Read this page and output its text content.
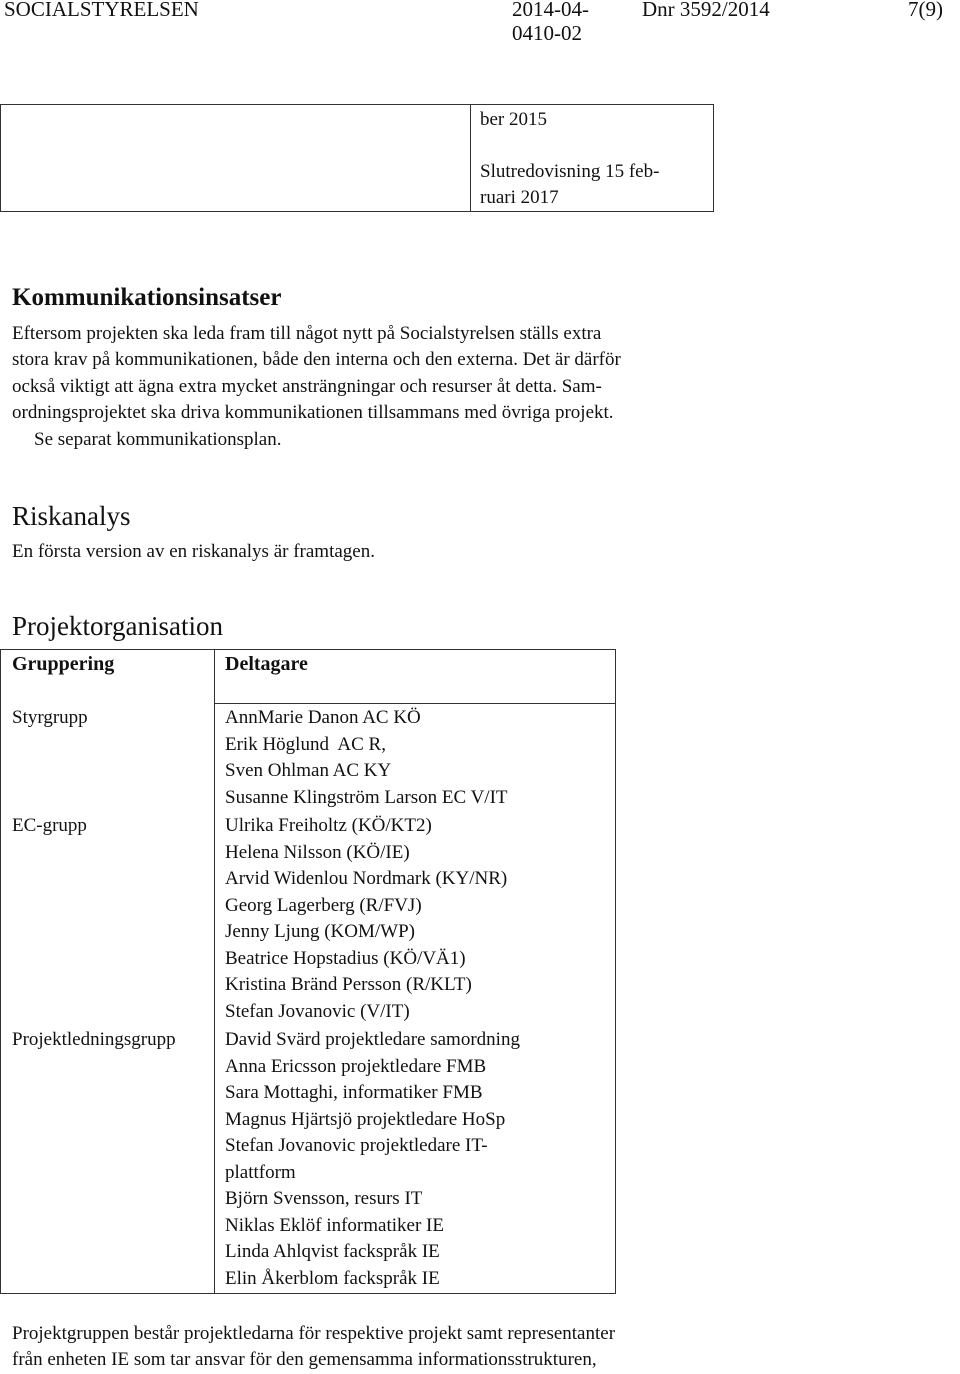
SOCIALSTYRELSEN	2014-04-
0410-02
Dnr 3592/2014	7(9)
ber 2015
Slutredovisning 15 feb-
ruari 2017
Kommunikationsinsatser
Eftersom projekten ska leda fram till något nytt på Socialstyrelsen ställs extra
stora krav på kommunikationen, både den interna och den externa. Det är därför
också viktigt att ägna extra mycket ansträngningar och resurser åt detta. Sam-
ordningsprojektet ska driva kommunikationen tillsammans med övriga projekt.
Se separat kommunikationsplan.
Riskanalys
En första version av en riskanalys är framtagen.
Projektorganisation
Gruppering	Deltagare
Styrgrupp	AnnMarie Danon AC KÖ
Erik Höglund  AC R,
Sven Ohlman AC KY
Susanne Klingström Larson EC V/IT
EC-grupp	Ulrika Freiholtz (KÖ/KT2)
Helena Nilsson (KÖ/IE)
Arvid Widenlou Nordmark (KY/NR)
Georg Lagerberg (R/FVJ)
Jenny Ljung (KOM/WP)
Beatrice Hopstadius (KÖ/VÄ1)
Kristina Bränd Persson (R/KLT)
Stefan Jovanovic (V/IT)
Projektledningsgrupp	David Svärd projektledare samordning
Anna Ericsson projektledare FMB
Sara Mottaghi, informatiker FMB
Magnus Hjärtsjö projektledare HoSp
Stefan Jovanovic projektledare IT-
plattform
Björn Svensson, resurs IT
Niklas Eklöf informatiker IE
Linda Ahlqvist fackspråk IE
Elin Åkerblom fackspråk IE
Projektgruppen består projektledarna för respektive projekt samt representanter
från enheten IE som tar ansvar för den gemensamma informationsstrukturen,
